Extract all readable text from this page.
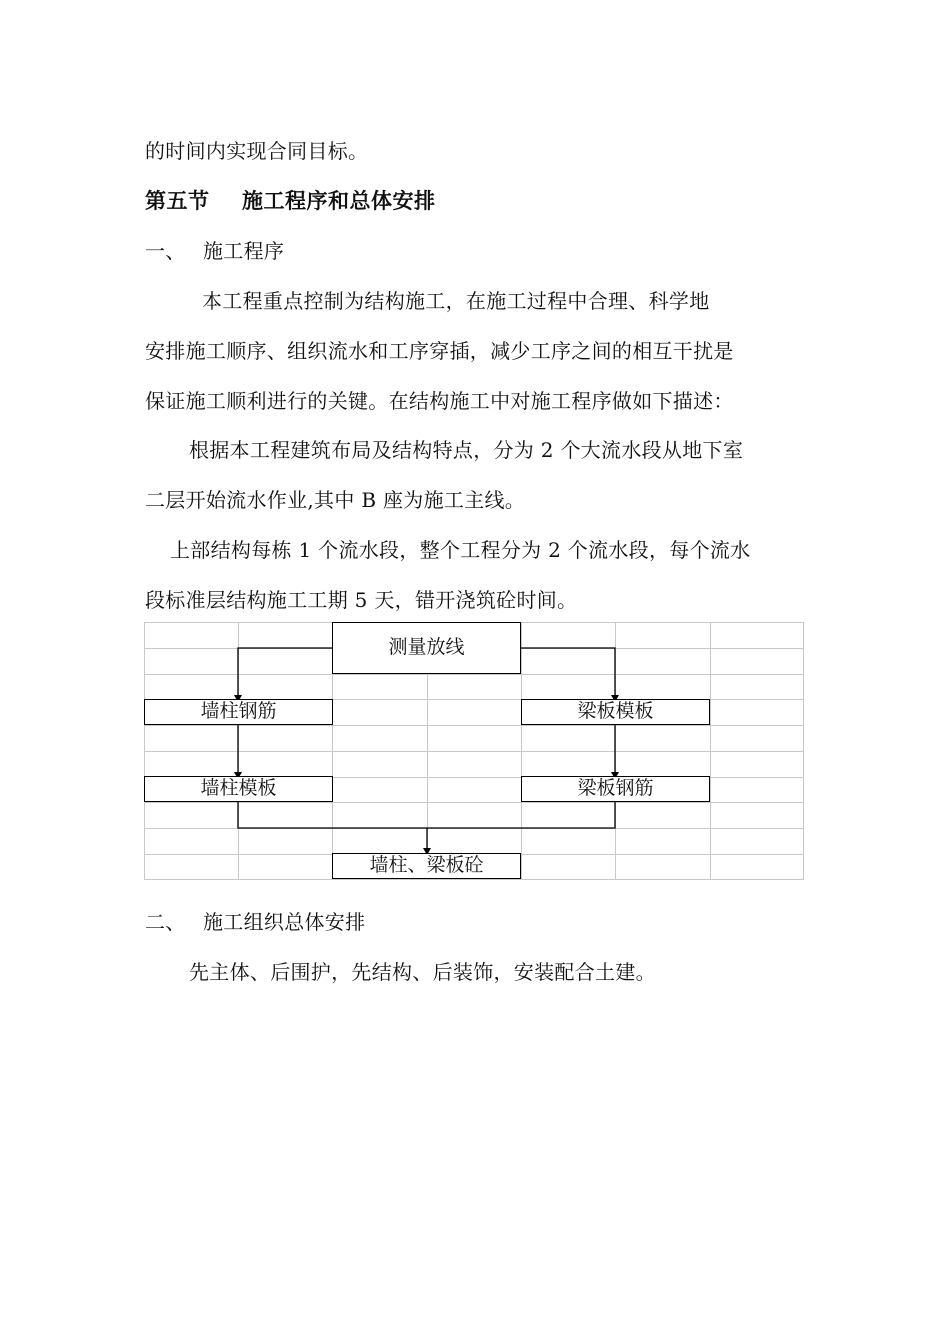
的时间内实现合同目标。
第五节 施工程序和总体安排
一、 施工程序
本工程重点控制为结构施工，在施工过程中合理、科学地
安排施工顺序、组织流水和工序穿插，减少工序之间的相互干扰是
保证施工顺利进行的关键。在结构施工中对施工程序做如下描述：
根据本工程建筑布局及结构特点，分为 2 个大流水段从地下室
二层开始流水作业,其中 B 座为施工主线。
上部结构每栋 1 个流水段，整个工程分为 2 个流水段，每个流水
段标准层结构施工工期 5 天，错开浇筑砼时间。
测量放线
墙柱钢筋	梁板模板
墙柱模板	梁板钢筋
墙柱、梁板砼
二、 施工组织总体安排
先主体、后围护，先结构、后装饰，安装配合土建。
